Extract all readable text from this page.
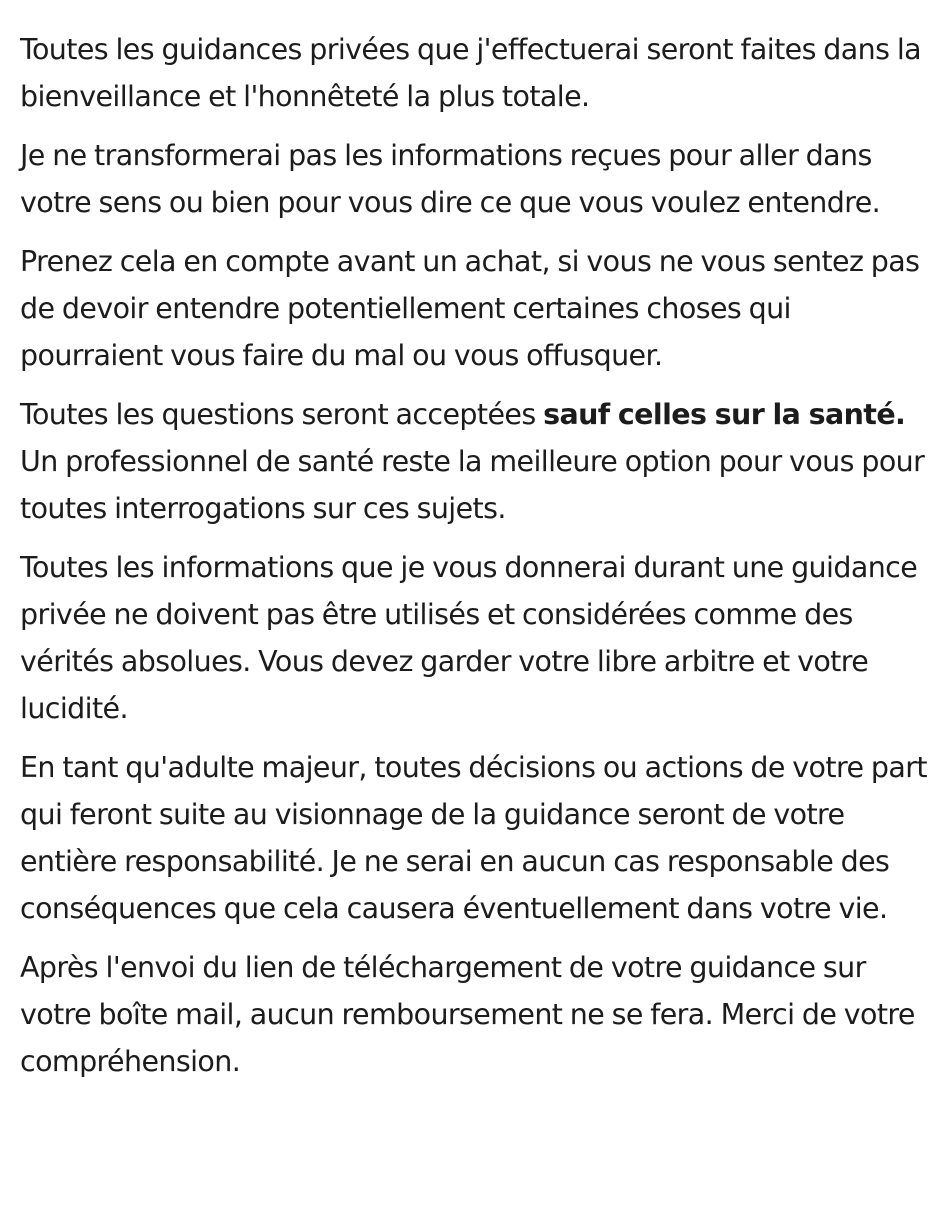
Toutes les guidances privées que j'effectuerai seront faites dans la bienveillance et l'honnêteté la plus totale.

Je ne transformerai pas les informations reçues pour aller dans votre sens ou bien pour vous dire ce que vous voulez entendre.

Prenez cela en compte avant un achat, si vous ne vous sentez pas de devoir entendre potentiellement certaines choses qui pourraient vous faire du mal ou vous offusquer.

Toutes les questions seront acceptées sauf celles sur la santé. Un professionnel de santé reste la meilleure option pour vous pour toutes interrogations sur ces sujets.

Toutes les informations que je vous donnerai durant une guidance privée ne doivent pas être utilisés et considérées comme des vérités absolues. Vous devez garder votre libre arbitre et votre lucidité.

En tant qu'adulte majeur, toutes décisions ou actions de votre part qui feront suite au visionnage de la guidance seront de votre entière responsabilité. Je ne serai en aucun cas responsable des conséquences que cela causera éventuellement dans votre vie.

Après l'envoi du lien de téléchargement de votre guidance sur votre boîte mail, aucun remboursement ne se fera. Merci de votre compréhension.
